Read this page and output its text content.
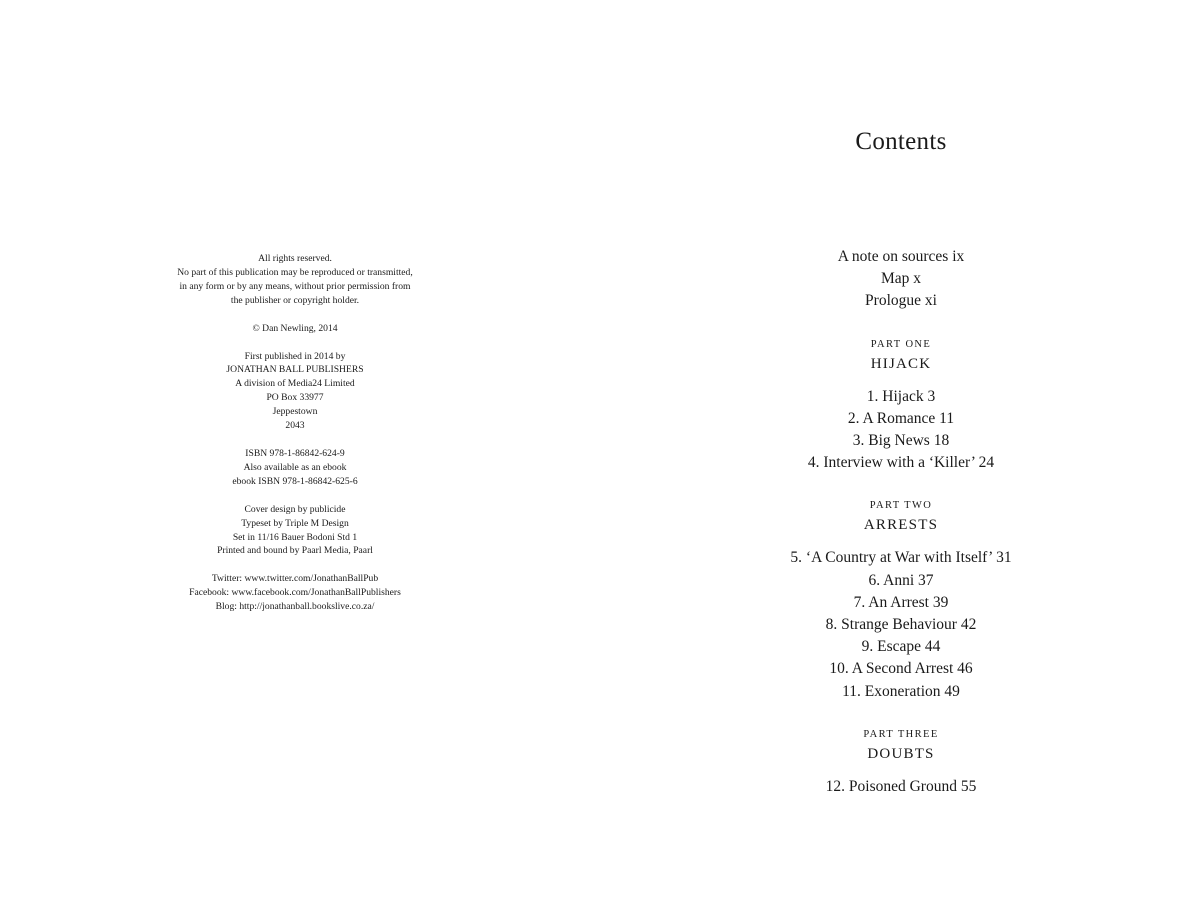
All rights reserved.
No part of this publication may be reproduced or transmitted,
in any form or by any means, without prior permission from
the publisher or copyright holder.
© Dan Newling, 2014
First published in 2014 by
JONATHAN BALL PUBLISHERS
A division of Media24 Limited
PO Box 33977
Jeppestown
2043
ISBN 978-1-86842-624-9
Also available as an ebook
ebook ISBN 978-1-86842-625-6
Cover design by publicide
Typeset by Triple M Design
Set in 11/16 Bauer Bodoni Std 1
Printed and bound by Paarl Media, Paarl
Twitter: www.twitter.com/JonathanBallPub
Facebook: www.facebook.com/JonathanBallPublishers
Blog: http://jonathanball.bookslive.co.za/
Contents
A note on sources ix
Map x
Prologue xi
PART ONE
HIJACK
1. Hijack 3
2. A Romance 11
3. Big News 18
4. Interview with a ‘Killer’ 24
PART TWO
ARRESTS
5. ‘A Country at War with Itself’ 31
6. Anni 37
7. An Arrest 39
8. Strange Behaviour 42
9. Escape 44
10. A Second Arrest 46
11. Exoneration 49
PART THREE
DOUBTS
12. Poisoned Ground 55
